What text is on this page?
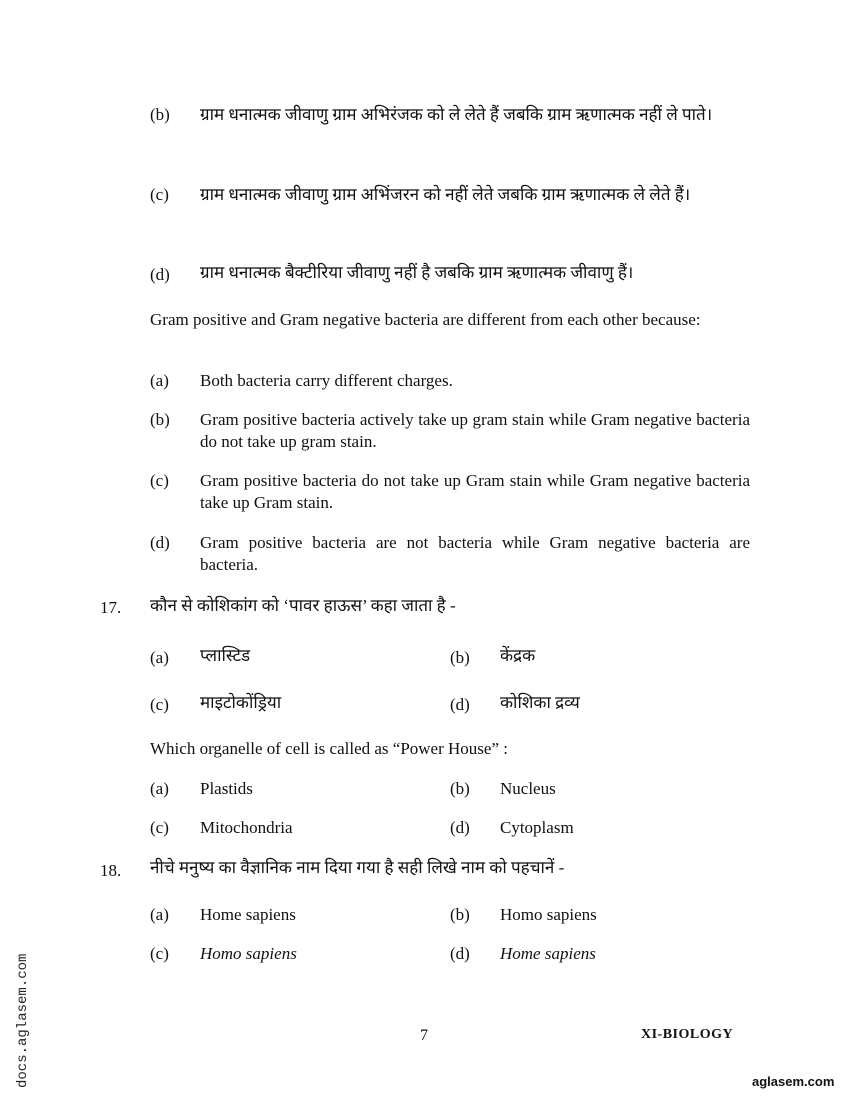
(b) ग्राम धनात्मक जीवाणु ग्राम अभिरंजक को ले लेते हैं जबकि ग्राम ऋणात्मक नहीं ले पाते।
(c) ग्राम धनात्मक जीवाणु ग्राम अभिंजरन को नहीं लेते जबकि ग्राम ऋणात्मक ले लेते हैं।
(d) ग्राम धनात्मक बैक्टीरिया जीवाणु नहीं है जबकि ग्राम ऋणात्मक जीवाणु हैं।
Gram positive and Gram negative bacteria are different from each other because:
(a) Both bacteria carry different charges.
(b) Gram positive bacteria actively take up gram stain while Gram negative bacteria do not take up gram stain.
(c) Gram positive bacteria do not take up Gram stain while Gram negative bacteria take up Gram stain.
(d) Gram positive bacteria are not bacteria while Gram negative bacteria are bacteria.
17. कौन से कोशिकांग को ‘पावर हाऊस’ कहा जाता है -
(a) प्लास्टिड	(b) केंद्रक
(c) माइटोकोंड्रिया	(d) कोशिका द्रव्य
Which organelle of cell is called as “Power House” :
(a) Plastids	(b) Nucleus
(c) Mitochondria	(d) Cytoplasm
18. नीचे मनुष्य का वैज्ञानिक नाम दिया गया है सही लिखे नाम को पहचानें -
(a) Home sapiens	(b) Homo sapiens
(c) Homo sapiens	(d) Home sapiens
7	XI-BIOLOGY
docs.aglasem.com	aglasem.com
